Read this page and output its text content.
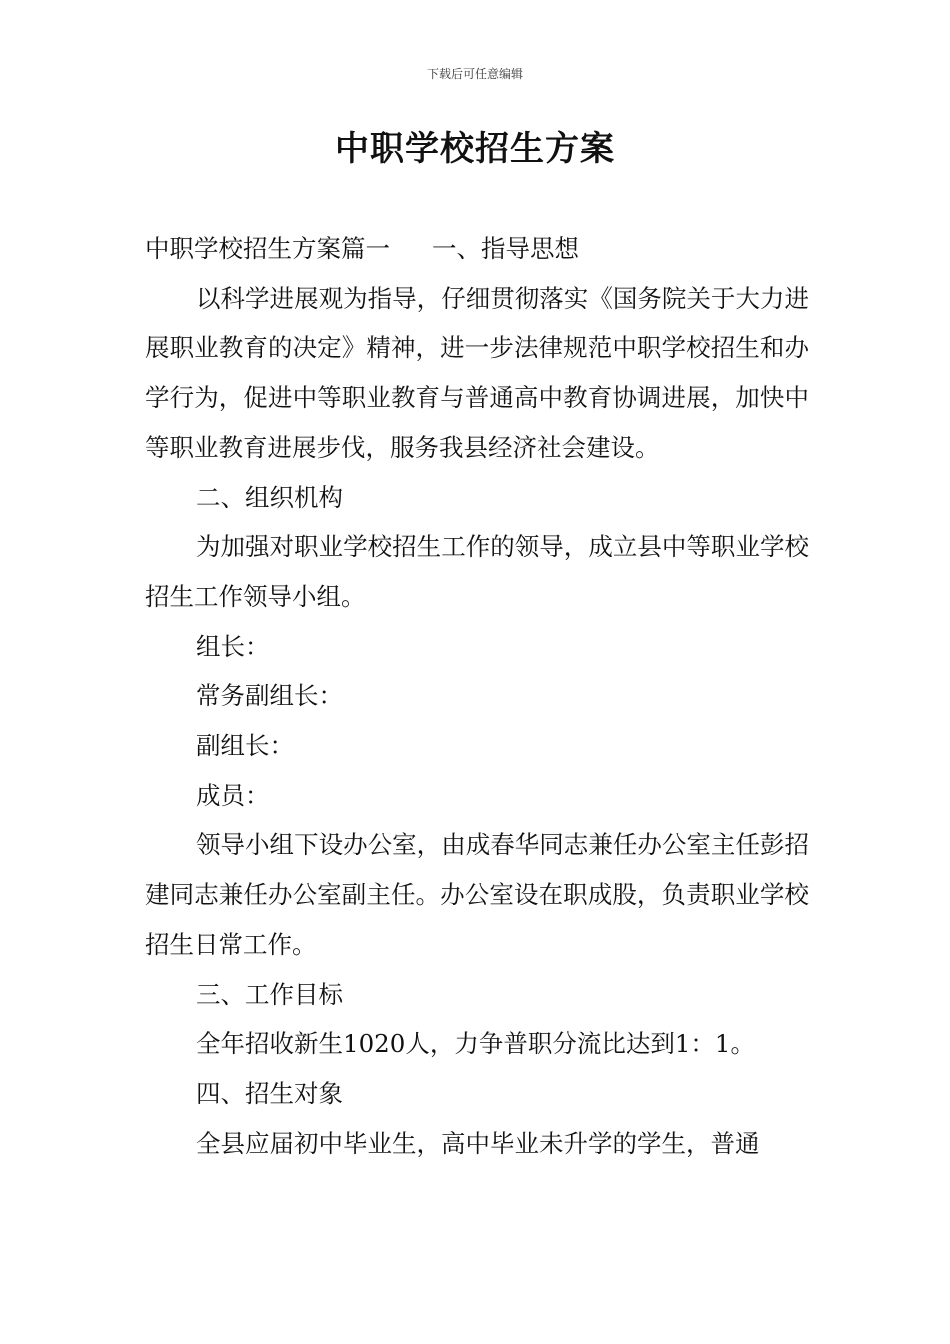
下载后可任意编辑
中职学校招生方案

中职学校招生方案篇一 一、指导思想

以科学进展观为指导，仔细贯彻落实《国务院关于大力进展职业教育的决定》精神，进一步法律规范中职学校招生和办学行为，促进中等职业教育与普通高中教育协调进展，加快中等职业教育进展步伐，服务我县经济社会建设。

二、组织机构

为加强对职业学校招生工作的领导，成立县中等职业学校招生工作领导小组。

组长：

常务副组长：

副组长：

成员：

领导小组下设办公室，由成春华同志兼任办公室主任彭招建同志兼任办公室副主任。办公室设在职成股，负责职业学校招生日常工作。

三、工作目标

全年招收新生1020人，力争普职分流比达到1：1。

四、招生对象

全县应届初中毕业生，高中毕业未升学的学生，普通
